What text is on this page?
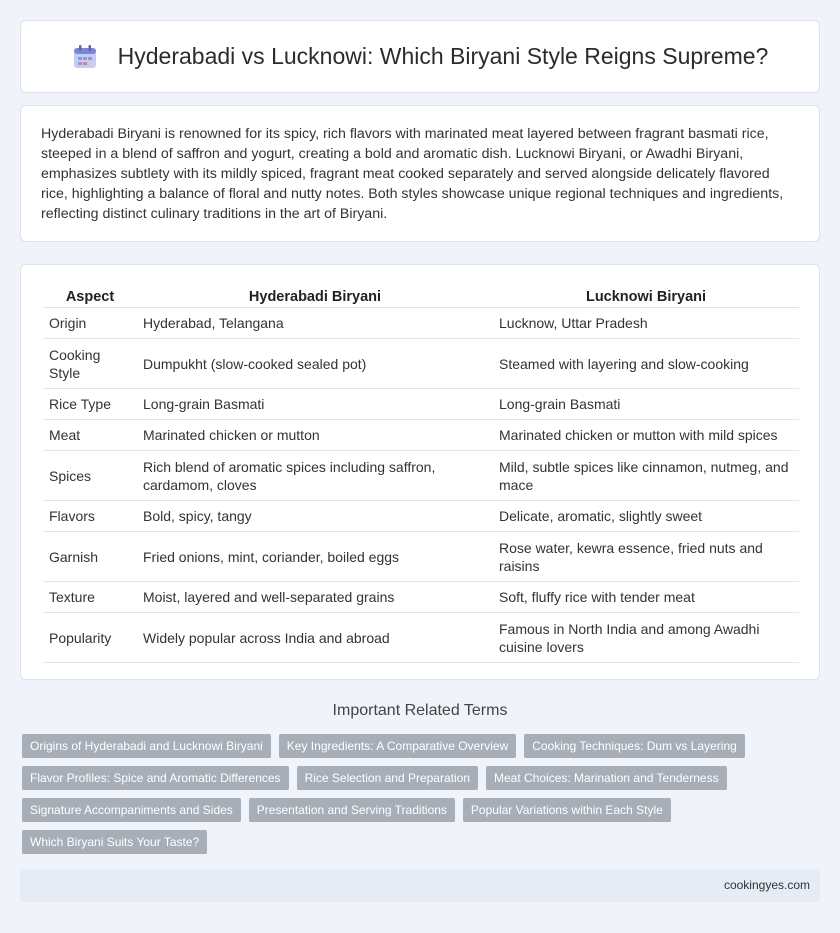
Hyderabadi vs Lucknowi: Which Biryani Style Reigns Supreme?

Hyderabadi Biryani is renowned for its spicy, rich flavors with marinated meat layered between fragrant basmati rice, steeped in a blend of saffron and yogurt, creating a bold and aromatic dish. Lucknowi Biryani, or Awadhi Biryani, emphasizes subtlety with its mildly spiced, fragrant meat cooked separately and served alongside delicately flavored rice, highlighting a balance of floral and nutty notes. Both styles showcase unique regional techniques and ingredients, reflecting distinct culinary traditions in the art of Biryani.

Aspect	Hyderabadi Biryani	Lucknowi Biryani
Origin	Hyderabad, Telangana	Lucknow, Uttar Pradesh
Cooking Style	Dumpukht (slow-cooked sealed pot)	Steamed with layering and slow-cooking
Rice Type	Long-grain Basmati	Long-grain Basmati
Meat	Marinated chicken or mutton	Marinated chicken or mutton with mild spices
Spices	Rich blend of aromatic spices including saffron, cardamom, cloves	Mild, subtle spices like cinnamon, nutmeg, and mace
Flavors	Bold, spicy, tangy	Delicate, aromatic, slightly sweet
Garnish	Fried onions, mint, coriander, boiled eggs	Rose water, kewra essence, fried nuts and raisins
Texture	Moist, layered and well-separated grains	Soft, fluffy rice with tender meat
Popularity	Widely popular across India and abroad	Famous in North India and among Awadhi cuisine lovers
Important Related Terms
Origins of Hyderabadi and Lucknowi Biryani	Key Ingredients: A Comparative Overview	Cooking Techniques: Dum vs Layering
Flavor Profiles: Spice and Aromatic Differences	Rice Selection and Preparation	Meat Choices: Marination and Tenderness
Signature Accompaniments and Sides	Presentation and Serving Traditions	Popular Variations within Each Style
Which Biryani Suits Your Taste?
cookingyes.com
